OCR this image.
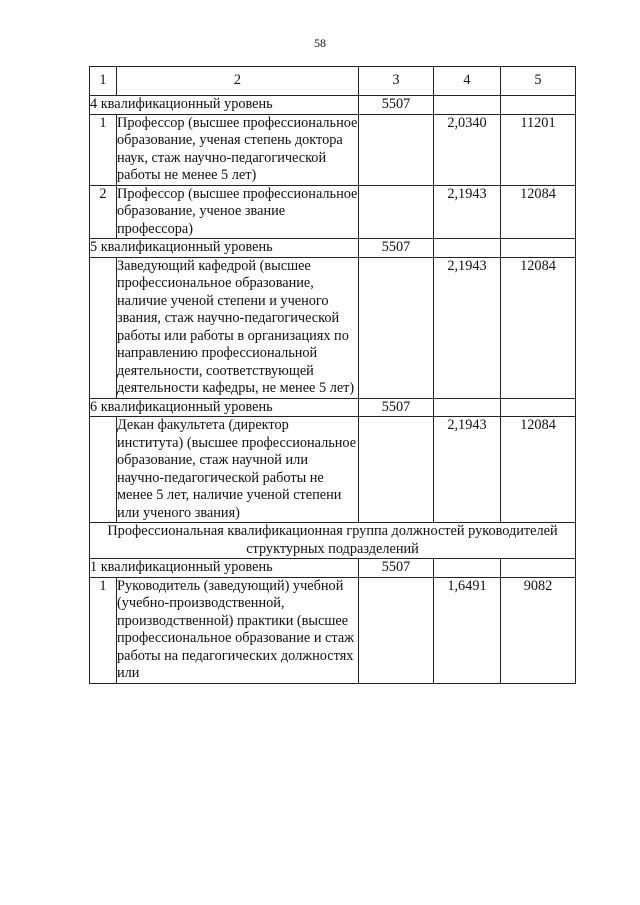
58
1	2	3	4	5
4 квалификационный уровень		5507		
1	Профессор (высшее профессиональное образование, ученая степень доктора наук, стаж научно-педагогической работы не менее 5 лет)		2,0340	11201
2	Профессор (высшее профессиональное образование, ученое звание профессора)		2,1943	12084
5 квалификационный уровень		5507		
	Заведующий кафедрой (высшее профессиональное образование, наличие ученой степени и ученого звания, стаж научно-педагогической работы или работы в организациях по направлению профессиональной деятельности, соответствующей деятельности кафедры, не менее 5 лет)		2,1943	12084
6 квалификационный уровень		5507		
	Декан факультета (директор института) (высшее профессиональное образование, стаж научной или научно-педагогической работы не менее 5 лет, наличие ученой степени или ученого звания)		2,1943	12084
Профессиональная квалификационная группа должностей руководителей структурных подразделений				
1 квалификационный уровень		5507		
1	Руководитель (заведующий) учебной (учебно-производственной, производственной) практики (высшее профессиональное образование и стаж работы на педагогических должностях или		1,6491	9082
